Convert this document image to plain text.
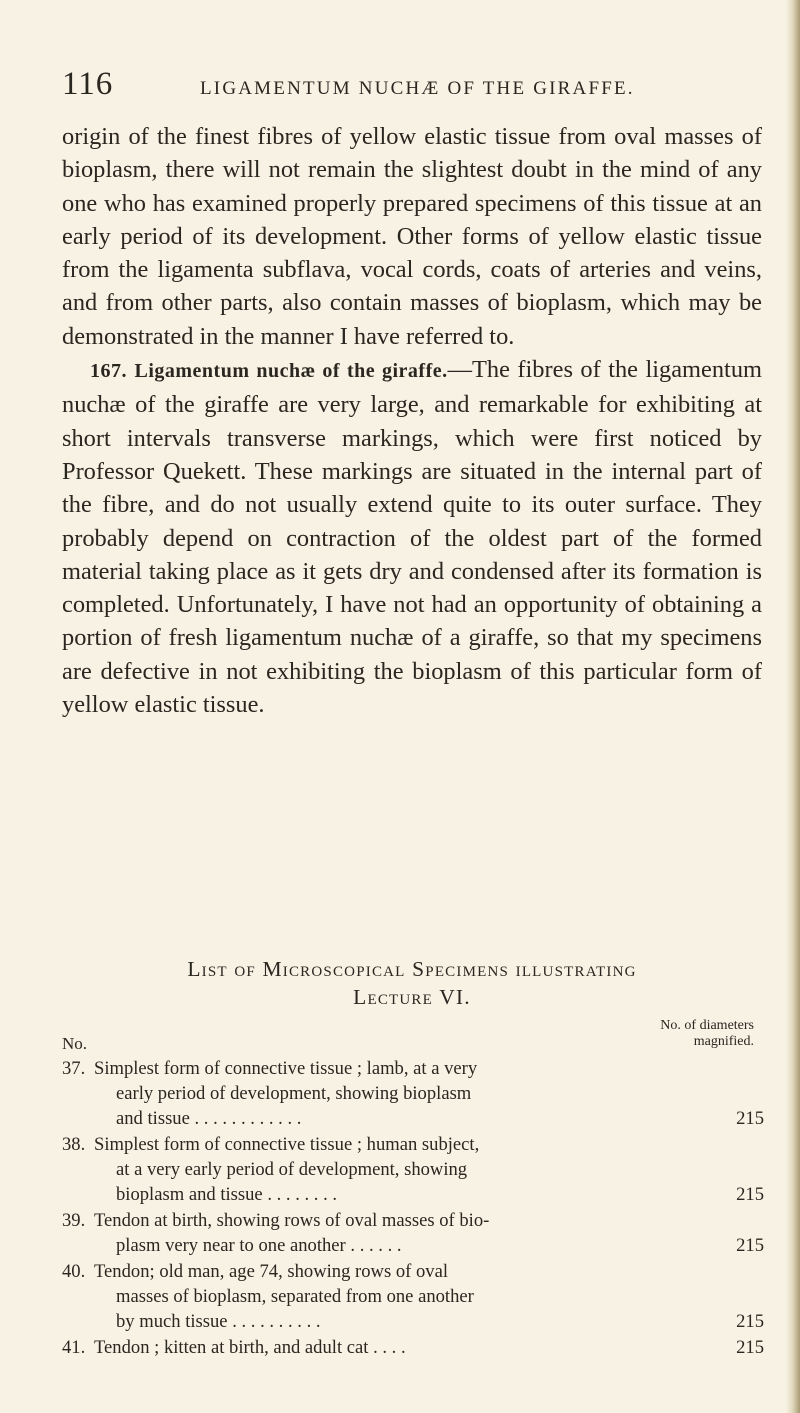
116	LIGAMENTUM NUCHÆ OF THE GIRAFFE.

origin of the finest fibres of yellow elastic tissue from oval masses of bioplasm, there will not remain the slightest doubt in the mind of any one who has examined properly prepared specimens of this tissue at an early period of its development. Other forms of yellow elastic tissue from the ligamenta subflava, vocal cords, coats of arteries and veins, and from other parts, also contain masses of bioplasm, which may be demonstrated in the manner I have referred to.

167. Ligamentum nuchæ of the giraffe.—The fibres of the ligamentum nuchæ of the giraffe are very large, and remarkable for exhibiting at short intervals transverse markings, which were first noticed by Professor Quekett. These markings are situated in the internal part of the fibre, and do not usually extend quite to its outer surface. They probably depend on contraction of the oldest part of the formed material taking place as it gets dry and condensed after its formation is completed. Unfortunately, I have not had an opportunity of obtaining a portion of fresh ligamentum nuchæ of a giraffe, so that my specimens are defective in not exhibiting the bioplasm of this particular form of yellow elastic tissue.

List of Microscopical Specimens illustrating
Lecture VI.
No. of diameters
magnified.
No.
37. Simplest form of connective tissue ; lamb, at a very
early period of development, showing bioplasm
and tissue . . . . . . . . . . . .	215
38. Simplest form of connective tissue ; human subject,
at a very early period of development, showing
bioplasm and tissue . . . . . . . .	215
39. Tendon at birth, showing rows of oval masses of bio-
plasm very near to one another . . . . . .	215
40. Tendon; old man, age 74, showing rows of oval
masses of bioplasm, separated from one another
by much tissue . . . . . . . . . .	215
41. Tendon ; kitten at birth, and adult cat . . . .	215
